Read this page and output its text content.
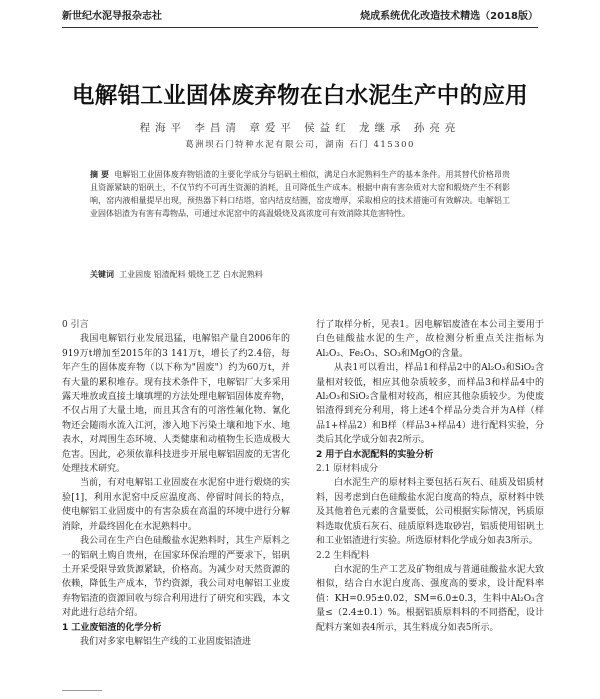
新世纪水泥导报杂志社	烧成系统优化改造技术精选（2018版）
电解铝工业固体废弃物在白水泥生产中的应用
程海平 李昌清 章爱平 侯益红 龙继承 孙亮亮
葛洲坝石门特种水泥有限公司，湖南 石门 415300
摘 要 电解铝工业固体废弃物铝渣的主要化学成分与铝矾土相似，满足白水泥熟料生产的基本条件。用其替代价格昂贵且资源紧缺的铝矾土，不仅节约不可再生资源的消耗，且可降低生产成本。根据中南有害杂质对大窑和煅烧产生不利影响，窑内液相量提早出现，预热器下料口结塔，窑内结皮结圈，窑皮增厚，采取相应的技术措施可有效解决。电解铝工业固体铝渣为有害有毒物品，可通过水泥窑中的高温煅烧及高浓度可有效消除其危害特性。
关键词 工业固废 铝渣配料 煅烧工艺 白水泥熟料

0 引言

我国电解铝行业发展迅猛，电解铝产量自2006年的919万t增加至2015年的3 141万t，增长了约2.4倍，每年产生的固体废弃物（以下称为"固废"）约为60万t，并有大量的累积堆存。现有技术条件下，电解铝厂大多采用露天堆放或直接土壤填埋的方法处理电解铝固体废弃物，不仅占用了大量土地，而且其含有的可溶性氟化物、氰化物还会随雨水流入江河，渗入地下污染土壤和地下水、地表水，对周围生态环境、人类健康和动植物生长造成极大危害。因此，必须依靠科技进步开展电解铝固废的无害化处理技术研究。

当前，有对电解铝工业固废在水泥窑中进行煅烧的实验[1]，利用水泥窑中反应温度高、停留时间长的特点，使电解铝工业固废中的有害杂质在高温的环境中进行分解消除，并最终固化在水泥熟料中。

我公司在生产白色硅酸盐水泥熟料时，其生产原料之一的铝矾土购自贵州，在国家环保治理的严要求下，铝矾土开采受限导致货源紧缺，价格高。为减少对天然资源的依赖，降低生产成本，节约资源，我公司对电解铝工业废弃物铝渣的资源回收与综合利用进行了研究和实践，本文对此进行总结介绍。

1 工业废铝渣的化学分析

我们对多家电解铝生产线的工业固废铝渣进

行了取样分析，见表1。因电解铝废渣在本公司主要用于白色硅酸盐水泥的生产，故检测分析重点关注指标为Al₂O₃、Fe₂O₃、SO₃和MgO的含量。

从表1可以看出，样品1和样品2中的Al₂O₃和SiO₂含量相对较低，相应其他杂质较多，而样品3和样品4中的Al₂O₃和SiO₂含量相对较高，相应其他杂质较少。为使废铝渣得到充分利用，将上述4个样品分类合并为A样（样品1+样品2）和B样（样品3+样品4）进行配料实验，分类后其化学成分如表2所示。

2 用于白水泥配料的实验分析

2.1 原材料成分

白水泥生产的原材料主要包括石灰石、硅质及铝质材料，因考虑到白色硅酸盐水泥白度高的特点，原材料中铁及其他着色元素的含量要低，公司根据实际情况，钙质原料选取优质石灰石、硅质原料选取砂岩，铝质使用铝矾土和工业铝渣进行实验。所选原材料化学成分如表3所示。

2.2 生料配料

白水泥的生产工艺及矿物组成与普通硅酸盐水泥大致相似，结合白水泥白度高、强度高的要求，设计配料率值：KH=0.95±0.02，SM=6.0±0.3，生料中Al₂O₃含量≤（2.4±0.1）%。根据铝质原料料的不同搭配，设计配料方案如表4所示，其生料成分如表5所示。
